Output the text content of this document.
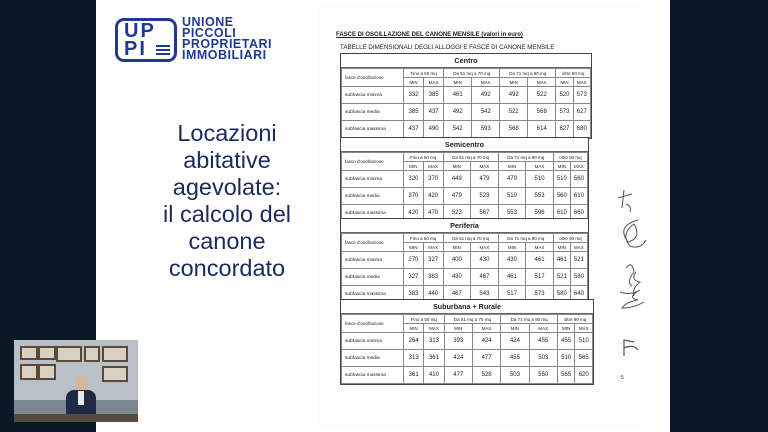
UP PI
UNIONE
PICCOLI
PROPRIETARI
IMMOBILIARI
Locazioni
abitative
agevolate:
il calcolo del
canone
concordato
FASCE DI OSCILLAZIONE DEL CANONE MENSILE (valori in euro)
TABELLE DIMENSIONALI DEGLI ALLOGGI E FASCE DI CANONE MENSILE
Centro
fasce d'oscillazione	Fino a 50 mq		Da 51 mq a 70 mq		Da 71 mq a 90 mq		oltre 90 mq	
	MIN	MAX	MIN	MAX	MIN	MAX	MIN	MAX
subfascia minima	332	385	461	492	492	522	520	573
subfascia media	385	437	492	542	522	568	573	627
subfascia massima	437	490	542	593	568	614	627	680
Semicentro
fasce d'oscillazione	Fino a 50 mq		Da 51 mq a 70 mq		Da 71 mq a 90 mq		oltre 90 mq	
	MIN	MAX	MIN	MAX	MIN	MAX	MIN	MAX
subfascia minima	320	370	449	479	479	510	510	560
subfascia media	370	420	479	523	510	553	560	610
subfascia massima	420	470	523	567	553	596	610	660
Periferia
fasce d'oscillazione	Fino a 50 mq		Da 51 mq a 70 mq		Da 71 mq a 90 mq		oltre 90 mq	
	MIN	MAX	MIN	MAX	MIN	MAX	MIN	MAX
subfascia minima	270	327	400	430	430	461	461	521
subfascia media	327	383	430	467	461	517	521	580
subfascia massima	383	440	467	543	517	573	580	640
Suburbana + Rurale
fasce d'oscillazione	Fino a 50 mq		Da 51 mq a 70 mq		Da 71 mq a 90 mq		oltre 90 mq	
	MIN	MAX	MIN	MAX	MIN	MAX	MIN	MAX
subfascia minima	264	313	393	424	424	455	455	510
subfascia media	313	361	424	477	455	503	510	565
subfascia massima	361	410	477	528	503	550	565	620	5
